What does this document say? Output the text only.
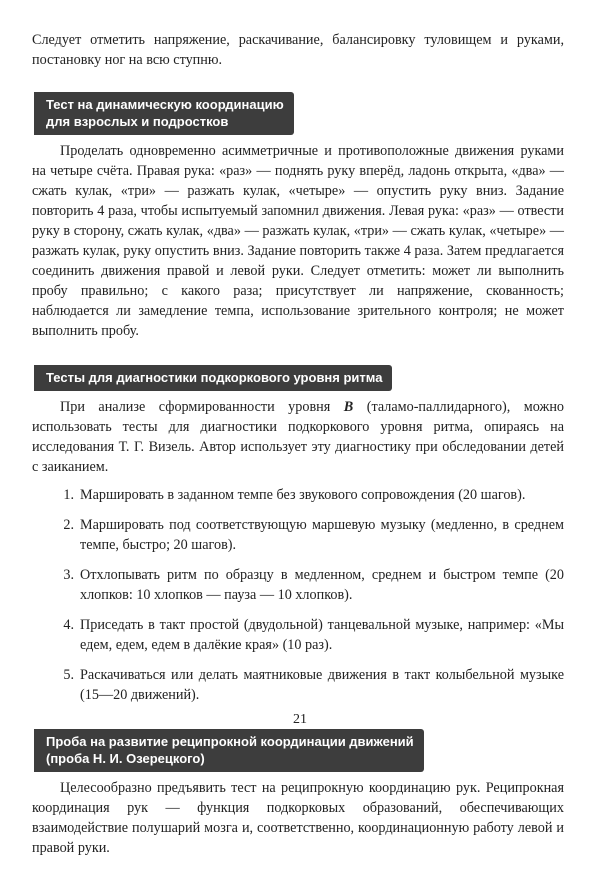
Следует отметить напряжение, раскачивание, балансировку туловищем и руками, постановку ног на всю ступню.

Тест на динамическую координацию
для взрослых и подростков

Проделать одновременно асимметричные и противоположные движения руками на четыре счёта. Правая рука: «раз» — поднять руку вперёд, ладонь открыта, «два» — сжать кулак, «три» — разжать кулак, «четыре» — опустить руку вниз. Задание повторить 4 раза, чтобы испытуемый запомнил движения. Левая рука: «раз» — отвести руку в сторону, сжать кулак, «два» — разжать кулак, «три» — сжать кулак, «четыре» — разжать кулак, руку опустить вниз. Задание повторить также 4 раза. Затем предлагается соединить движения правой и левой руки. Следует отметить: может ли выполнить пробу правильно; с какого раза; присутствует ли напряжение, скованность; наблюдается ли замедление темпа, использование зрительного контроля; не может выполнить пробу.

Тесты для диагностики подкоркового уровня ритма

При анализе сформированности уровня В (таламо-паллидарного), можно использовать тесты для диагностики подкоркового уровня ритма, опираясь на исследования Т. Г. Визель. Автор использует эту диагностику при обследовании детей с заиканием.

1. Маршировать в заданном темпе без звукового сопровождения (20 шагов).
2. Маршировать под соответствующую маршевую музыку (медленно, в среднем темпе, быстро; 20 шагов).
3. Отхлопывать ритм по образцу в медленном, среднем и быстром темпе (20 хлопков: 10 хлопков — пауза — 10 хлопков).
4. Приседать в такт простой (двудольной) танцевальной музыке, например: «Мы едем, едем, едем в далёкие края» (10 раз).
5. Раскачиваться или делать маятниковые движения в такт колыбельной музыке (15—20 движений).
Проба на развитие реципрокной координации движений
(проба Н. И. Озерецкого)

Целесообразно предъявить тест на реципрокную координацию рук. Реципрокная координация рук — функция подкорковых образований, обеспечивающих взаимодействие полушарий мозга и, соответственно, координационную работу левой и правой руки.

21
